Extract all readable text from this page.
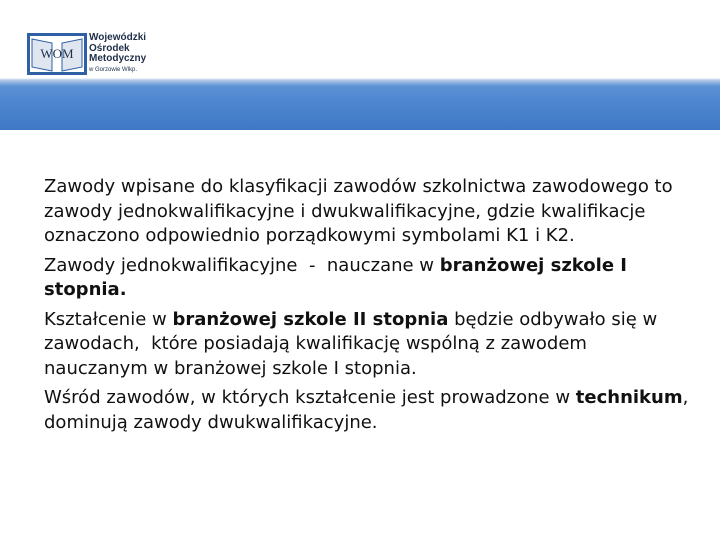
WOM
Wojewódzki
Ośrodek
Metodyczny
w Gorzowie Wlkp.

Zawody wpisane do klasyfikacji zawodów szkolnictwa zawodowego to zawody jednokwalifikacyjne i dwukwalifikacyjne, gdzie kwalifikacje oznaczono odpowiednio porządkowymi symbolami K1 i K2.

Zawody jednokwalifikacyjne  -  nauczane w branżowej szkole I stopnia.

Kształcenie w branżowej szkole II stopnia będzie odbywało się w zawodach,  które posiadają kwalifikację wspólną z zawodem nauczanym w branżowej szkole I stopnia.

Wśród zawodów, w których kształcenie jest prowadzone w technikum, dominują zawody dwukwalifikacyjne.
